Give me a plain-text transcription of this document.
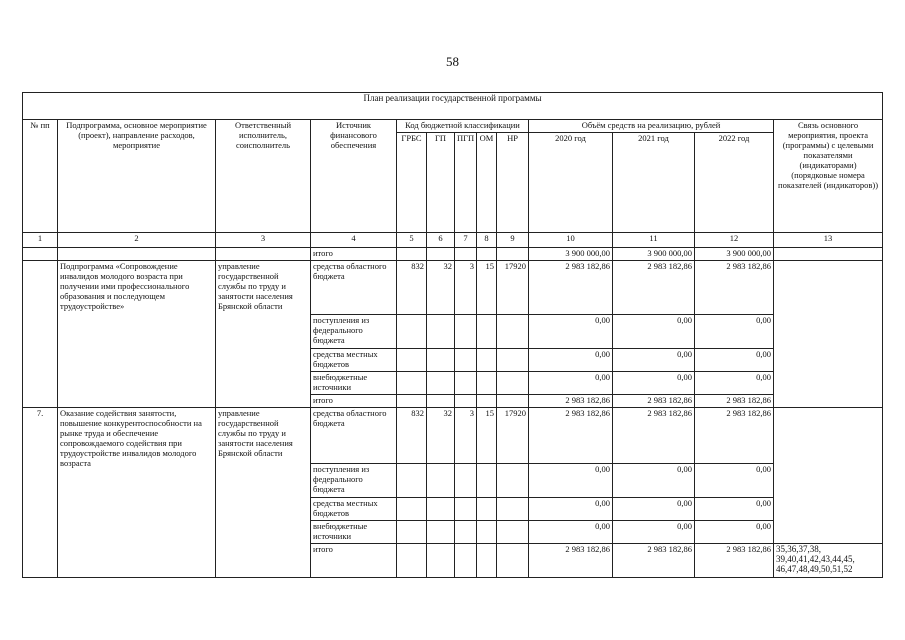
58
План реализации государственной программы												
№ пп	Подпрограмма, основное мероприятие (проект), направление расходов, мероприятие	Ответственный исполнитель, соисполнитель	Источник финансового обеспечения	Код бюджетной классификации					Объём средств на реализацию, рублей			Связь основного мероприятия, проекта (программы) с целевыми показателями (индикаторами) (порядковые номера показателей (индикаторов))
				ГРБС	ГП	ПГП	ОМ	НР	2020 год	2021 год	2022 год	
1	2	3	4	5	6	7	8	9	10	11	12	13
			итого						3 900 000,00	3 900 000,00	3 900 000,00	
	Подпрограмма «Сопровождение инвалидов молодого возраста при получении ими профессионального образования и последующем трудоустройстве»	управление государственной службы по труду и занятости населения Брянской области	средства областного бюджета	832	32	3	15	17920	2 983 182,86	2 983 182,86	2 983 182,86	
			поступления из федерального бюджета						0,00	0,00	0,00	
			средства местных бюджетов						0,00	0,00	0,00	
			внебюджетные источники						0,00	0,00	0,00	
			итого						2 983 182,86	2 983 182,86	2 983 182,86	
7.	Оказание содействия занятости, повышение конкурентоспособности на рынке труда и обеспечение сопровождаемого содействия при трудоустройстве инвалидов молодого возраста	управление государственной службы по труду и занятости населения Брянской области	средства областного бюджета	832	32	3	15	17920	2 983 182,86	2 983 182,86	2 983 182,86	
			поступления из федерального бюджета						0,00	0,00	0,00	
			средства местных бюджетов						0,00	0,00	0,00	
			внебюджетные источники						0,00	0,00	0,00	
			итого						2 983 182,86	2 983 182,86	2 983 182,86	35,36,37,38, 39,40,41,42,43,44,45, 46,47,48,49,50,51,52
